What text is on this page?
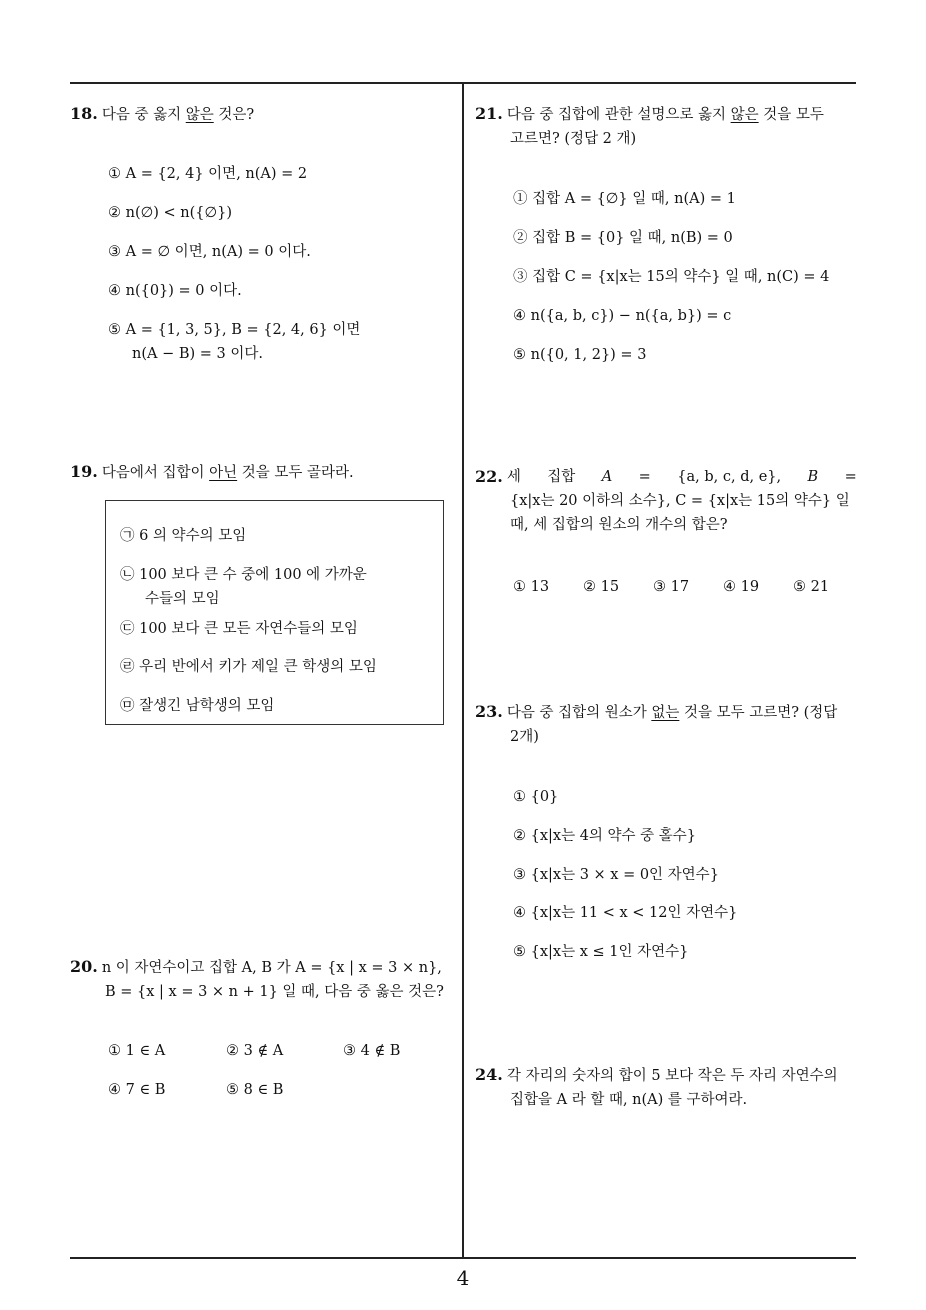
18. 다음 중 옳지 않은 것은?
① A = {2, 4} 이면, n(A) = 2
② n(∅) < n({∅})
③ A = ∅ 이면, n(A) = 0 이다.
④ n({0}) = 0 이다.
⑤ A = {1, 3, 5}, B = {2, 4, 6} 이면
n(A − B) = 3 이다.
19. 다음에서 집합이 아닌 것을 모두 골라라.
㉠ 6 의 약수의 모임
㉡ 100 보다 큰 수 중에 100 에 가까운
수들의 모임
㉢ 100 보다 큰 모든 자연수들의 모임
㉣ 우리 반에서 키가 제일 큰 학생의 모임
㉤ 잘생긴 남학생의 모임
20. n 이 자연수이고 집합 A, B 가 A = {x | x = 3 × n},
B = {x | x = 3 × n + 1} 일 때, 다음 중 옳은 것은?
① 1 ∈ A	② 3 ∉ A	③ 4 ∉ B
④ 7 ∈ B	⑤ 8 ∈ B
21. 다음 중 집합에 관한 설명으로 옳지 않은 것을 모두
고르면? (정답 2 개)
① 집합 A = {∅} 일 때, n(A) = 1
② 집합 B = {0} 일 때, n(B) = 0
③ 집합 C = {x|x는 15의 약수} 일 때, n(C) = 4
④ n({a, b, c}) − n({a, b}) = c
⑤ n({0, 1, 2}) = 3
22. 세 집합 A = {a, b, c, d, e}, B =
{x|x는 20 이하의 소수}, C = {x|x는 15의 약수} 일
때, 세 집합의 원소의 개수의 합은?
① 13 ② 15 ③ 17 ④ 19 ⑤ 21
23. 다음 중 집합의 원소가 없는 것을 모두 고르면? (정답
2개)
① {0}
② {x|x는 4의 약수 중 홀수}
③ {x|x는 3 × x = 0인 자연수}
④ {x|x는 11 < x < 12인 자연수}
⑤ {x|x는 x ≤ 1인 자연수}
24. 각 자리의 숫자의 합이 5 보다 작은 두 자리 자연수의
집합을 A 라 할 때, n(A) 를 구하여라.
4
